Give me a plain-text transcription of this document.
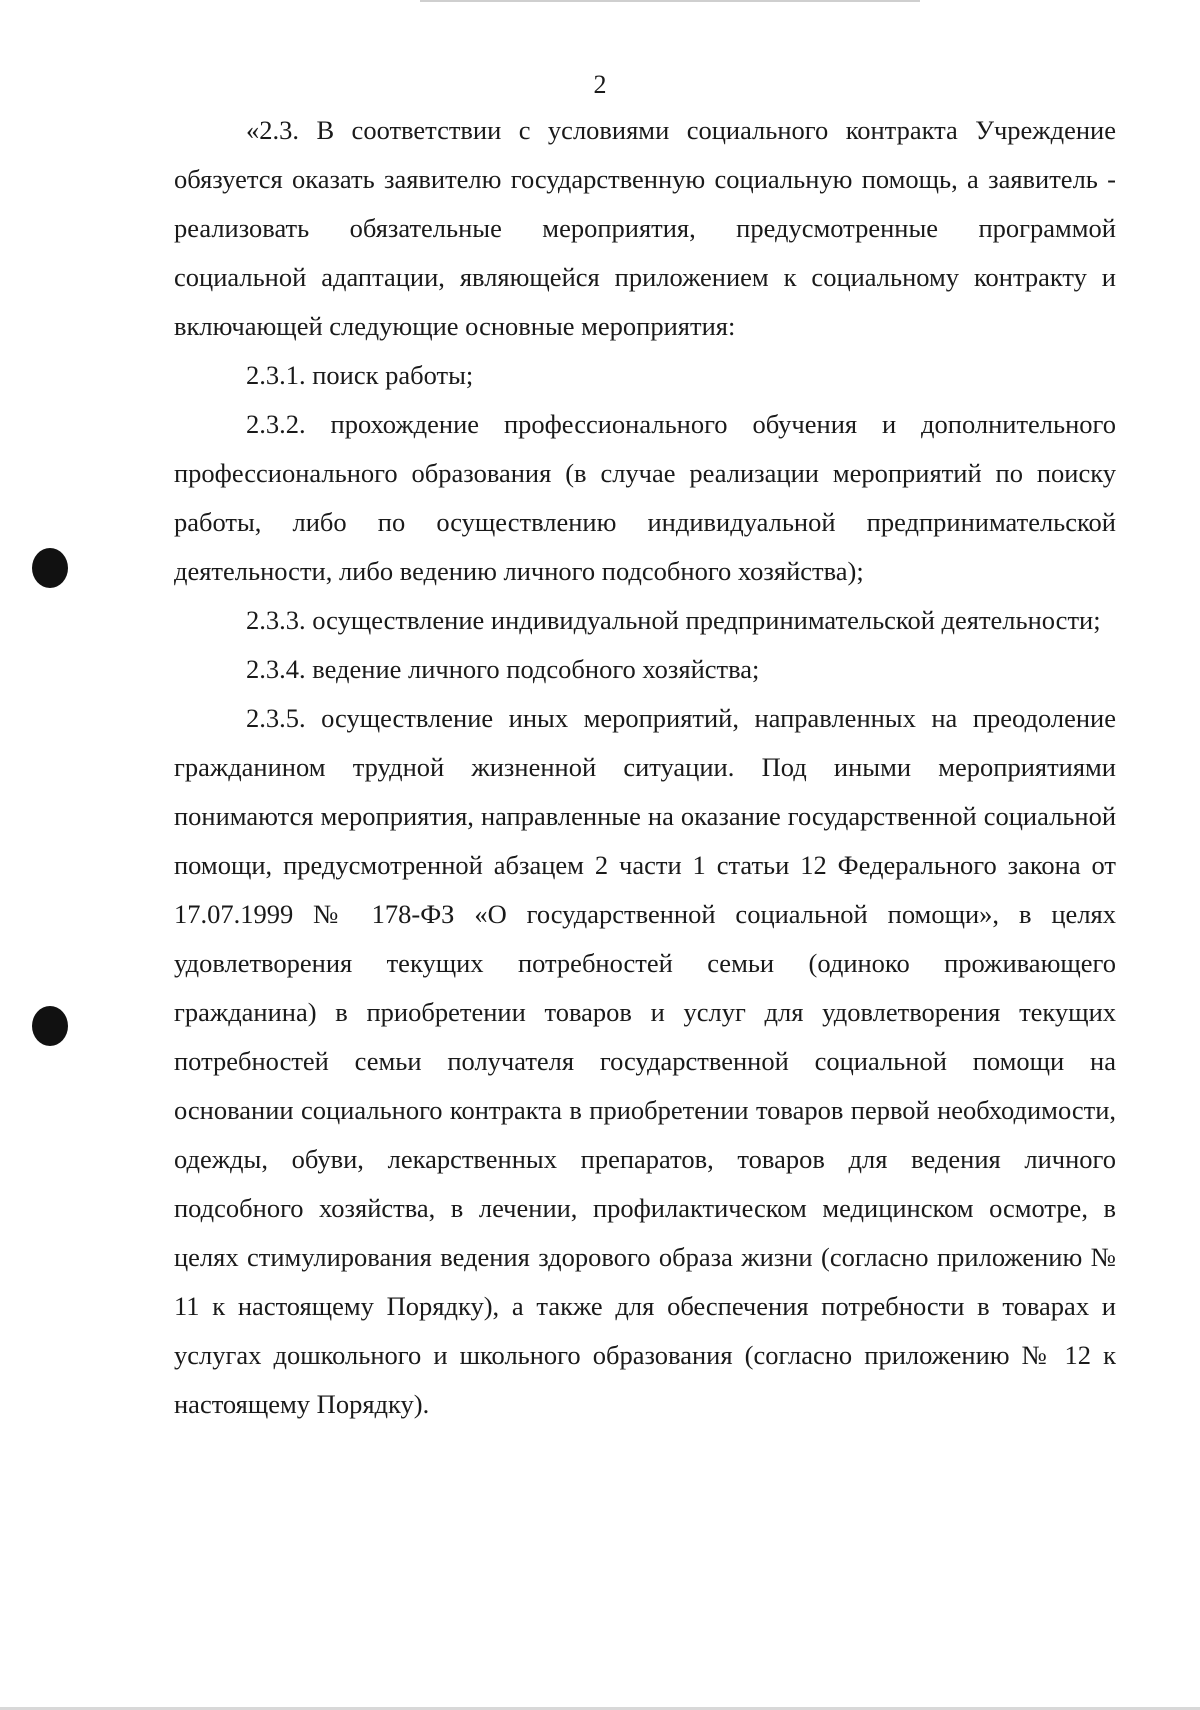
2

«2.3. В соответствии с условиями социального контракта Учреждение обязуется оказать заявителю государственную социальную помощь, а заявитель - реализовать обязательные мероприятия, предусмотренные программой социальной адаптации, являющейся приложением к социальному контракту и включающей следующие основные мероприятия:

2.3.1. поиск работы;

2.3.2. прохождение профессионального обучения и дополнительного профессионального образования (в случае реализации мероприятий по поиску работы, либо по осуществлению индивидуальной предпринимательской деятельности, либо ведению личного подсобного хозяйства);

2.3.3. осуществление индивидуальной предпринимательской деятельности;

2.3.4. ведение личного подсобного хозяйства;

2.3.5. осуществление иных мероприятий, направленных на преодоление гражданином трудной жизненной ситуации. Под иными мероприятиями понимаются мероприятия, направленные на оказание государственной социальной помощи, предусмотренной абзацем 2 части 1 статьи 12 Федерального закона от 17.07.1999 № 178-ФЗ «О государственной социальной помощи», в целях удовлетворения текущих потребностей семьи (одиноко проживающего гражданина) в приобретении товаров и услуг для удовлетворения текущих потребностей семьи получателя государственной социальной помощи на основании социального контракта в приобретении товаров первой необходимости, одежды, обуви, лекарственных препаратов, товаров для ведения личного подсобного хозяйства, в лечении, профилактическом медицинском осмотре, в целях стимулирования ведения здорового образа жизни (согласно приложению № 11 к настоящему Порядку), а также для обеспечения потребности в товарах и услугах дошкольного и школьного образования (согласно приложению № 12 к настоящему Порядку).
